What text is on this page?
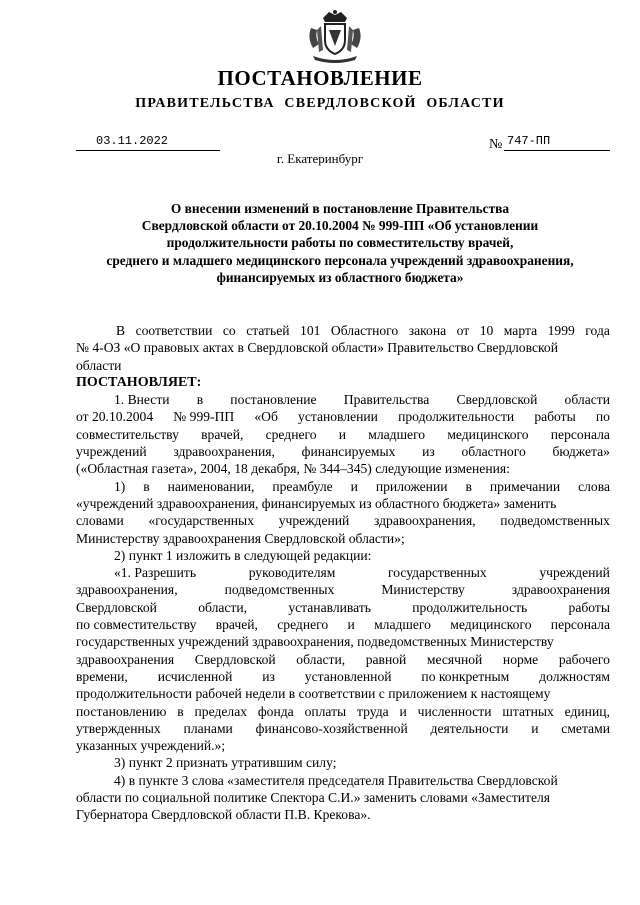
ПОСТАНОВЛЕНИЕ
ПРАВИТЕЛЬСТВА СВЕРДЛОВСКОЙ ОБЛАСТИ
03.11.2022	№ 747-ПП
г. Екатеринбург
О внесении изменений в постановление Правительства
Свердловской области от 20.10.2004 № 999-ПП «Об установлении
продолжительности работы по совместительству врачей,
среднего и младшего медицинского персонала учреждений здравоохранения,
финансируемых из областного бюджета»
В соответствии со статьей 101 Областного закона от 10 марта 1999 года
№ 4-ОЗ «О правовых актах в Свердловской области» Правительство Свердловской
области
ПОСТАНОВЛЯЕТ:
1. Внести в постановление Правительства Свердловской области
от 20.10.2004 № 999-ПП «Об установлении продолжительности работы по
совместительству врачей, среднего и младшего медицинского персонала
учреждений здравоохранения, финансируемых из областного бюджета»
(«Областная газета», 2004, 18 декабря, № 344–345) следующие изменения:
1) в наименовании, преамбуле и приложении в примечании слова
«учреждений здравоохранения, финансируемых из областного бюджета» заменить
словами «государственных учреждений здравоохранения, подведомственных
Министерству здравоохранения Свердловской области»;
2) пункт 1 изложить в следующей редакции:
«1. Разрешить	руководителям	государственных	учреждений
здравоохранения,	подведомственных	Министерству	здравоохранения
Свердловской	области,	устанавливать	продолжительность	работы
по совместительству врачей, среднего и младшего медицинского персонала
государственных учреждений здравоохранения, подведомственных Министерству
здравоохранения Свердловской области, равной месячной норме рабочего
времени, исчисленной из установленной по конкретным должностям
продолжительности рабочей недели в соответствии с приложением к настоящему
постановлению в пределах фонда оплаты труда и численности штатных единиц,
утвержденных планами финансово-хозяйственной деятельности и сметами
указанных учреждений.»;
3) пункт 2 признать утратившим силу;
4) в пункте 3 слова «заместителя председателя Правительства Свердловской
области по социальной политике Спектора С.И.» заменить словами «Заместителя
Губернатора Свердловской области П.В. Крекова».
